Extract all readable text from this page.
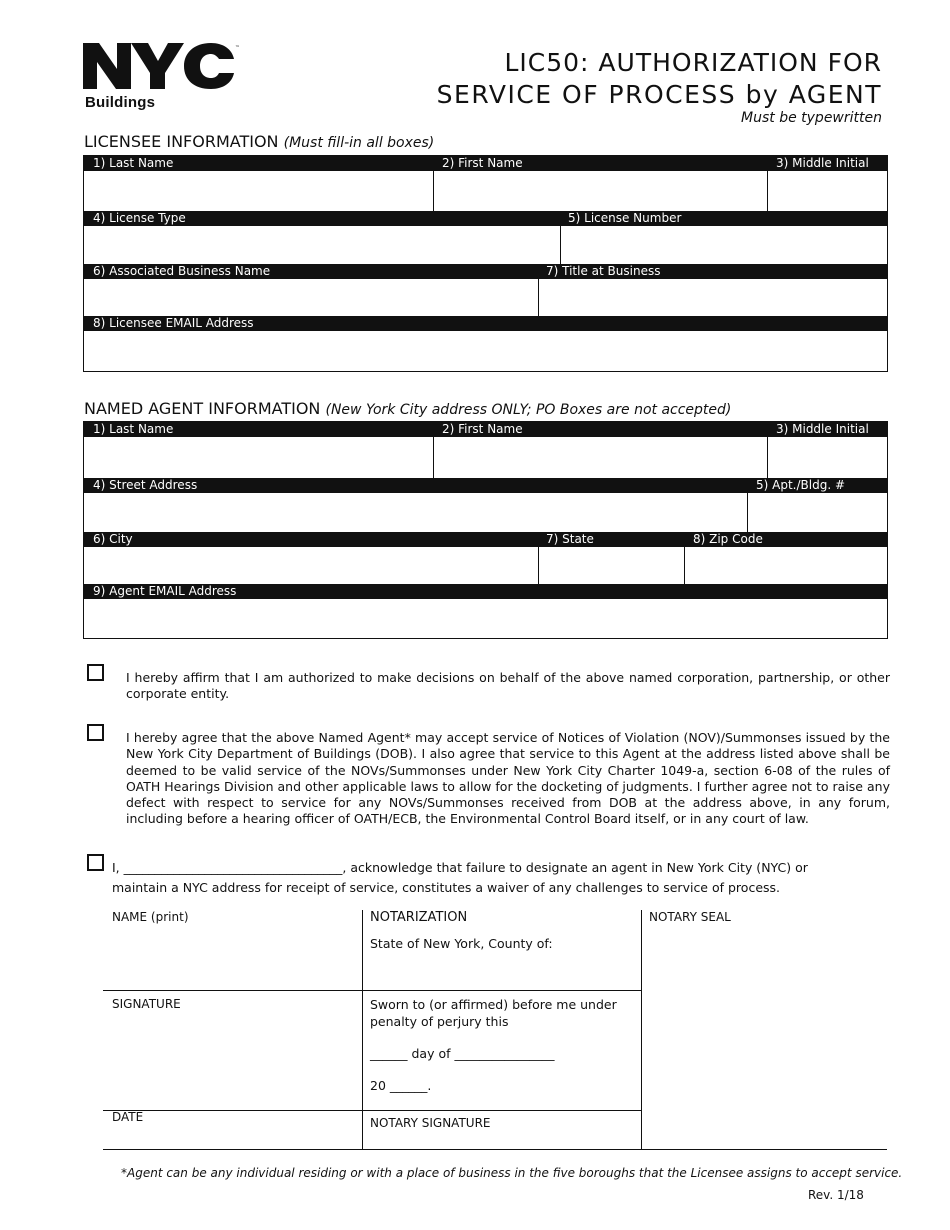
™
Buildings
LIC50: AUTHORIZATION FOR
SERVICE OF PROCESS by AGENT
Must be typewritten
LICENSEE INFORMATION (Must fill-in all boxes)
1) Last Name	2) First Name	3) Middle Initial
4) License Type	5) License Number
6) Associated Business Name	7) Title at Business
8) Licensee EMAIL Address
NAMED AGENT INFORMATION (New York City address ONLY; PO Boxes are not accepted)
1) Last Name	2) First Name	3) Middle Initial
4) Street Address	5) Apt./Bldg. #
6) City	7) State	8) Zip Code
9) Agent EMAIL Address
I hereby affirm that I am authorized to make decisions on behalf of the above named corporation, partnership, or other corporate entity.
I hereby agree that the above Named Agent* may accept service of Notices of Violation (NOV)/Summonses issued by the New York City Department of Buildings (DOB). I also agree that service to this Agent at the address listed above shall be deemed to be valid service of the NOVs/Summonses under New York City Charter 1049-a, section 6-08 of the rules of OATH Hearings Division and other applicable laws to allow for the docketing of judgments. I further agree not to raise any defect with respect to service for any NOVs/Summonses received from DOB at the address above, in any forum, including before a hearing officer of OATH/ECB, the Environmental Control Board itself, or in any court of law.
I, ___________________________________, acknowledge that failure to designate an agent in New York City (NYC) or
maintain a NYC address for receipt of service, constitutes a waiver of any challenges to service of process.
NAME (print)
SIGNATURE
DATE
NOTARIZATION
State of New York, County of:
Sworn to (or affirmed) before me under
penalty of perjury this
______ day of ________________
20 ______.
NOTARY SIGNATURE
NOTARY SEAL
*Agent can be any individual residing or with a place of business in the five boroughs that the Licensee assigns to accept service.
Rev. 1/18
